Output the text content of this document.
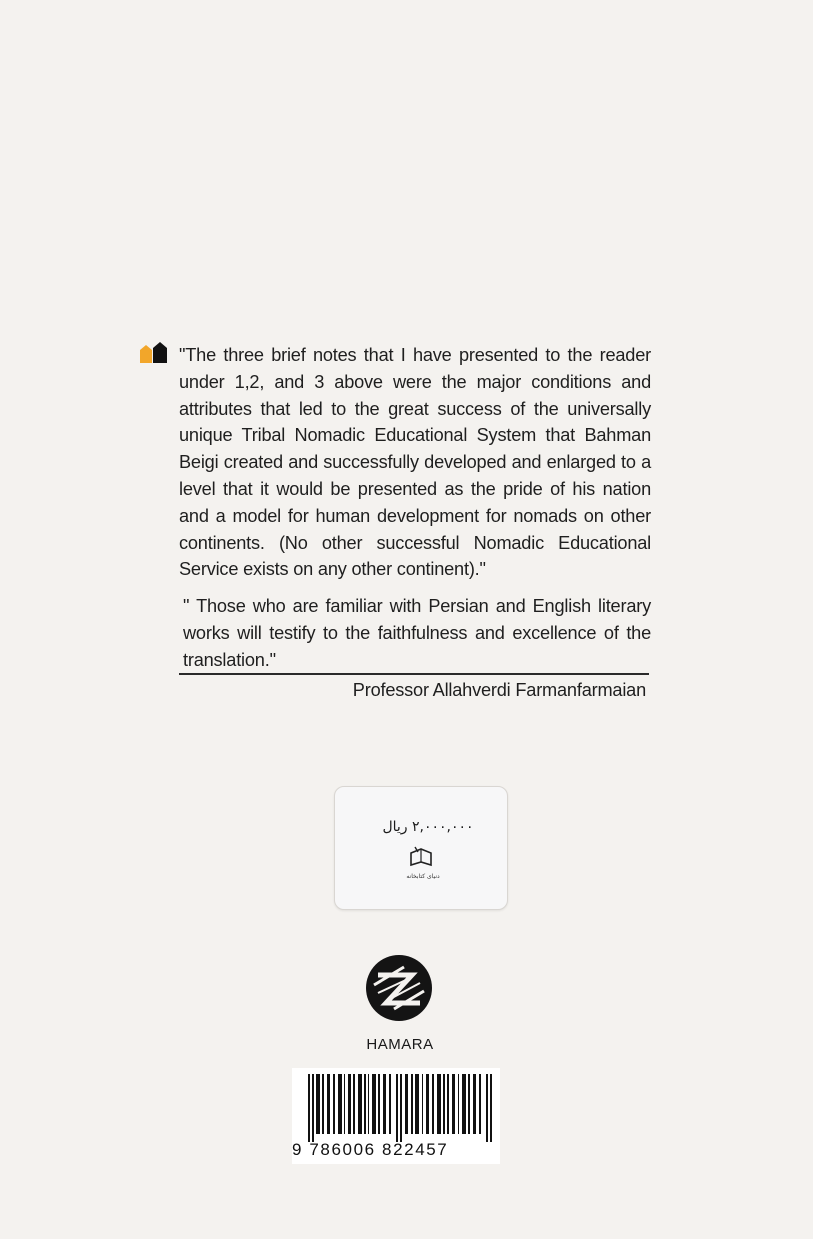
"The three brief notes that I have presented to the reader
under 1,2, and 3 above were the major conditions and
attributes that led to the great success of the universally
unique Tribal Nomadic Educational System that Bahman
Beigi created and successfully developed and enlarged to a
level that it would be presented as the pride of his nation
and a model for human development for nomads on other
continents. (No other successful Nomadic Educational
Service exists on any other continent)."
" Those who are familiar with Persian and English literary
works will testify to the faithfulness and excellence of the
translation."
Professor Allahverdi Farmanfarmaian
۲,۰۰۰,۰۰۰ ریال
دنیای کتابخانه
HAMARA
9 786006 822457
